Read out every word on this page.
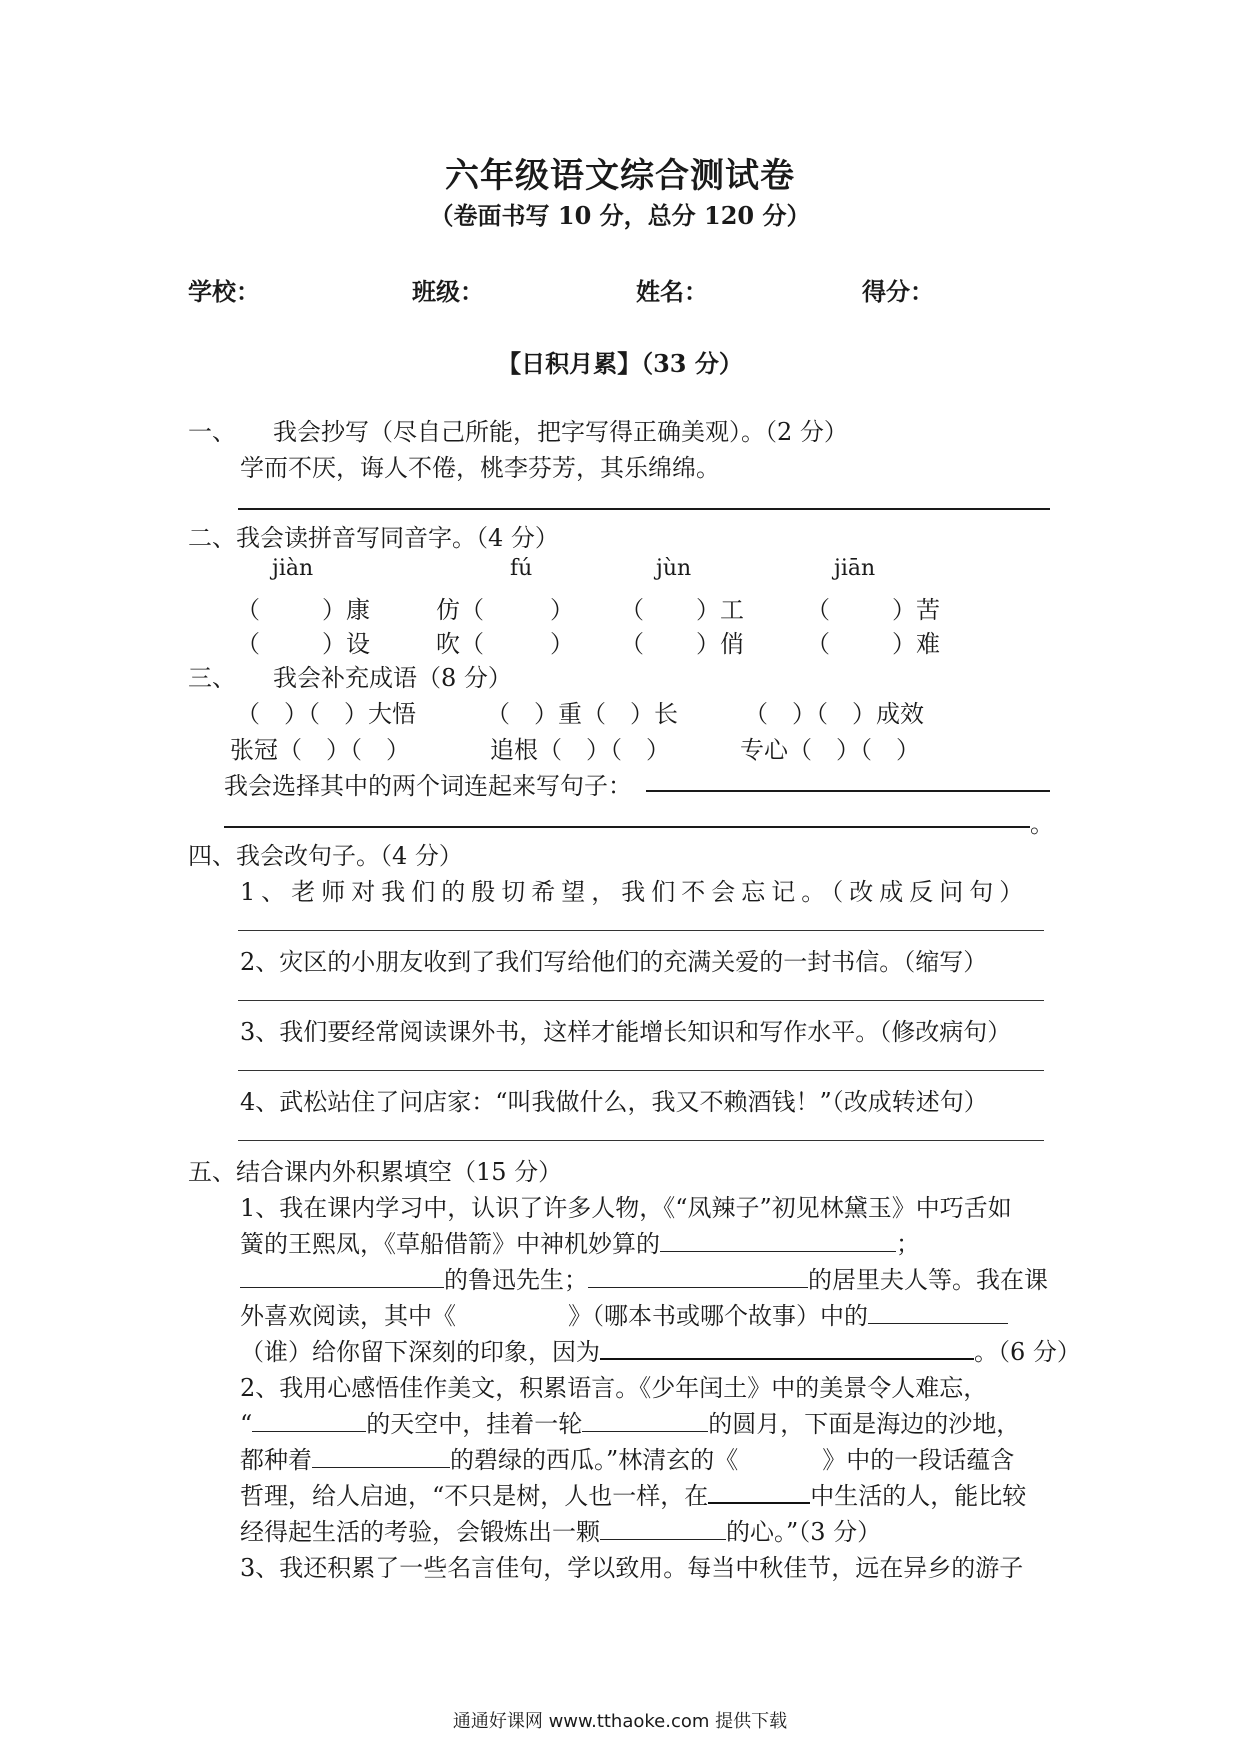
六年级语文综合测试卷
（卷面书写 10 分，总分 120 分）
学校：	班级：	姓名：	得分：
【日积月累】（33 分）
一、 我会抄写（尽自己所能，把字写得正确美观）。（2 分）
学而不厌，诲人不倦，桃李芬芳，其乐绵绵。
二、我会读拼音写同音字。（4 分）
jiàn	fú	jùn	jiān
（	）康	仿（	） （ ）工	（	）苦
（	）设	吹（	） （ ）俏	（	）难
三、 我会补充成语（8 分）
（　）（　）大悟	（　）重（　）长	（　）（　）成效
张冠（　）（　）	追根（　）（　）	专心（　）（　）
我会选择其中的两个词连起来写句子：
。
四、我会改句子。（4 分）
1、老师对我们的殷切希望，我们不会忘记。（改成反问句）
2、灾区的小朋友收到了我们写给他们的充满关爱的一封书信。（缩写）
3、我们要经常阅读课外书，这样才能增长知识和写作水平。（修改病句）
4、武松站住了问店家：“叫我做什么，我又不赖酒钱！”（改成转述句）
五、结合课内外积累填空（15 分）
1、我在课内学习中，认识了许多人物，《“凤辣子”初见林黛玉》中巧舌如
簧的王熙凤，《草船借箭》中神机妙算的	；
的鲁迅先生；	的居里夫人等。我在课
外喜欢阅读，其中《	》（哪本书或哪个故事）中的
（谁）给你留下深刻的印象，因为	。（6 分）
2、我用心感悟佳作美文，积累语言。《少年闰土》中的美景令人难忘，
“	的天空中，挂着一轮	的圆月，下面是海边的沙地，
都种着	的碧绿的西瓜。”林清玄的《	》中的一段话蕴含
哲理，给人启迪，“不只是树，人也一样，在	中生活的人，能比较
经得起生活的考验，会锻炼出一颗	的心。”（3 分）
3、我还积累了一些名言佳句，学以致用。每当中秋佳节，远在异乡的游子
通通好课网 www.tthaoke.com 提供下载
